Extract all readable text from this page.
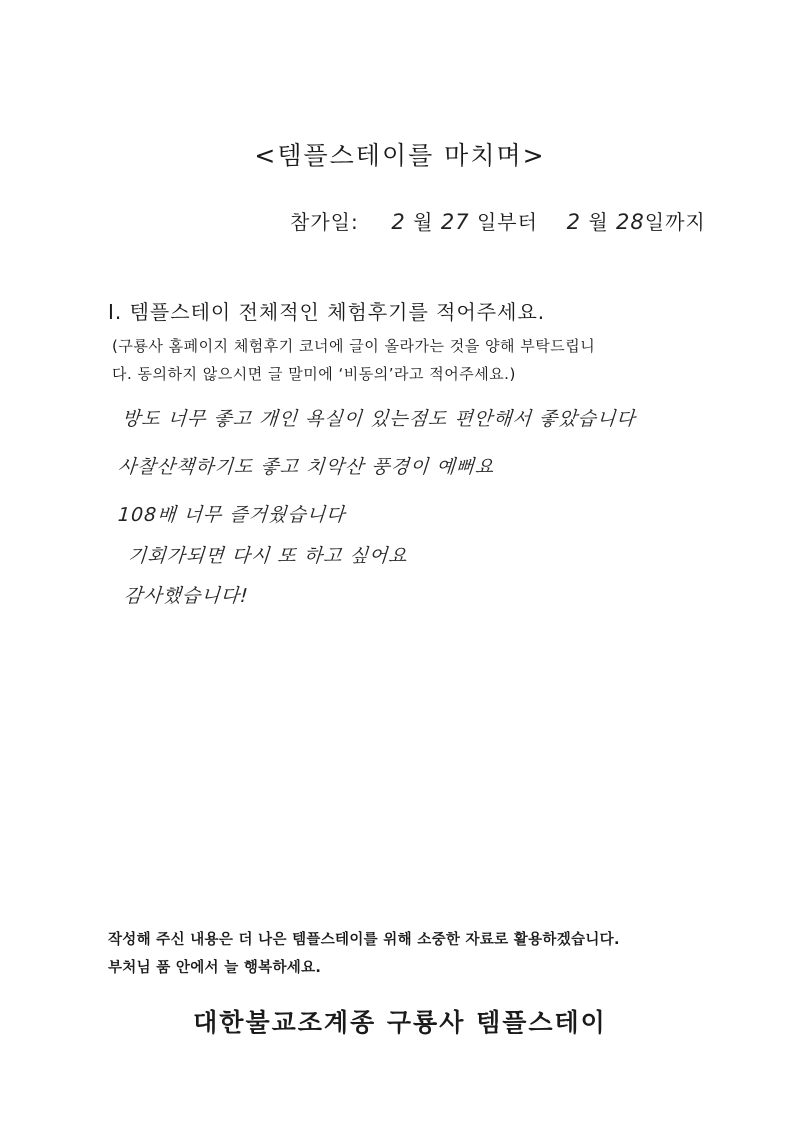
<템플스테이를 마치며>
참가일: 2 월 27 일부터 2 월 28일까지
I. 템플스테이 전체적인 체험후기를 적어주세요.
(구룡사 홈페이지 체험후기 코너에 글이 올라가는 것을 양해 부탁드립니
다. 동의하지 않으시면 글 말미에 ‘비동의’라고 적어주세요.)
방도 너무 좋고 개인 욕실이 있는점도 편안해서 좋았습니다
사찰산책하기도 좋고 치악산 풍경이 예뻐요
108배 너무 즐거웠습니다
기회가되면 다시 또 하고 싶어요
감사했습니다!
작성해 주신 내용은 더 나은 템플스테이를 위해 소중한 자료로 활용하겠습니다.
부처님 품 안에서 늘 행복하세요.
대한불교조계종 구룡사 템플스테이
